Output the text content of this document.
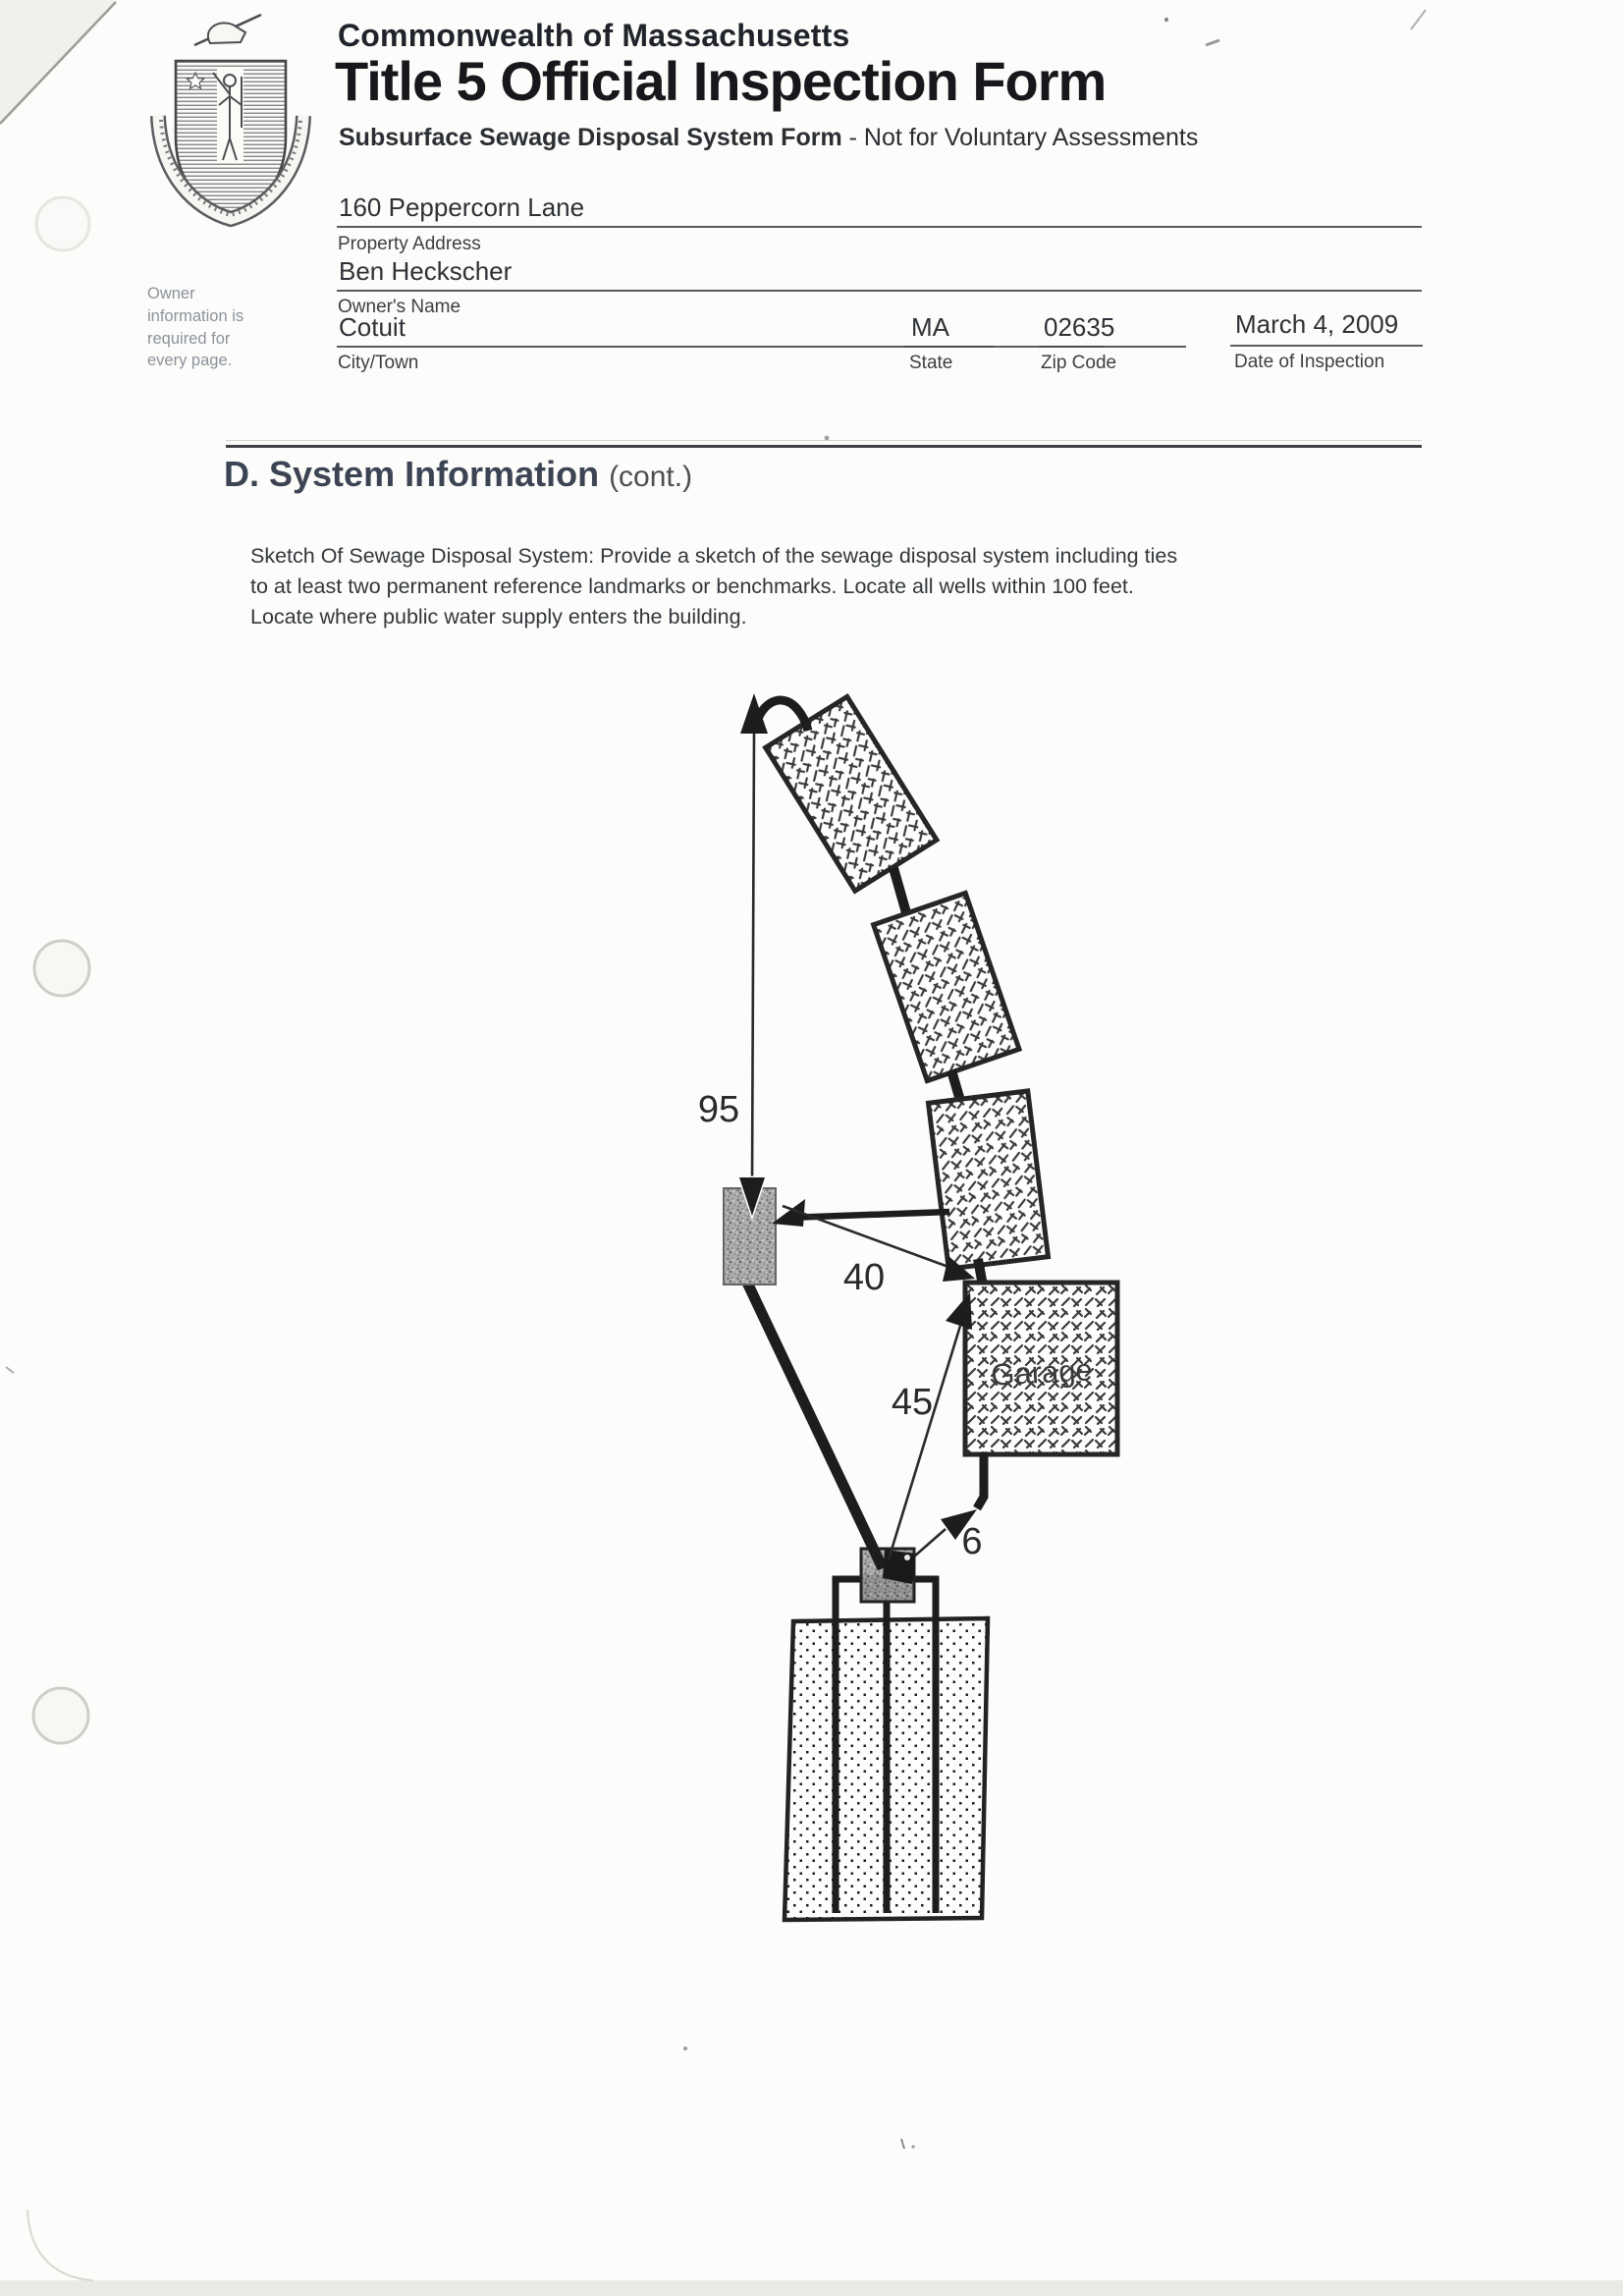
Commonwealth of Massachusetts
Title 5 Official Inspection Form
Subsurface Sewage Disposal System Form - Not for Voluntary Assessments
Owner information is required for every page.
160 Peppercorn Lane
Property Address
Ben Heckscher
Owner's Name
Cotuit
City/Town
MA
State
02635
Zip Code
March 4, 2009
Date of Inspection
D. System Information (cont.)
Sketch Of Sewage Disposal System: Provide a sketch of the sewage disposal system including ties
to at least two permanent reference landmarks or benchmarks. Locate all wells within 100 feet.
Locate where public water supply enters the building.
Garage
95
40
45
6
